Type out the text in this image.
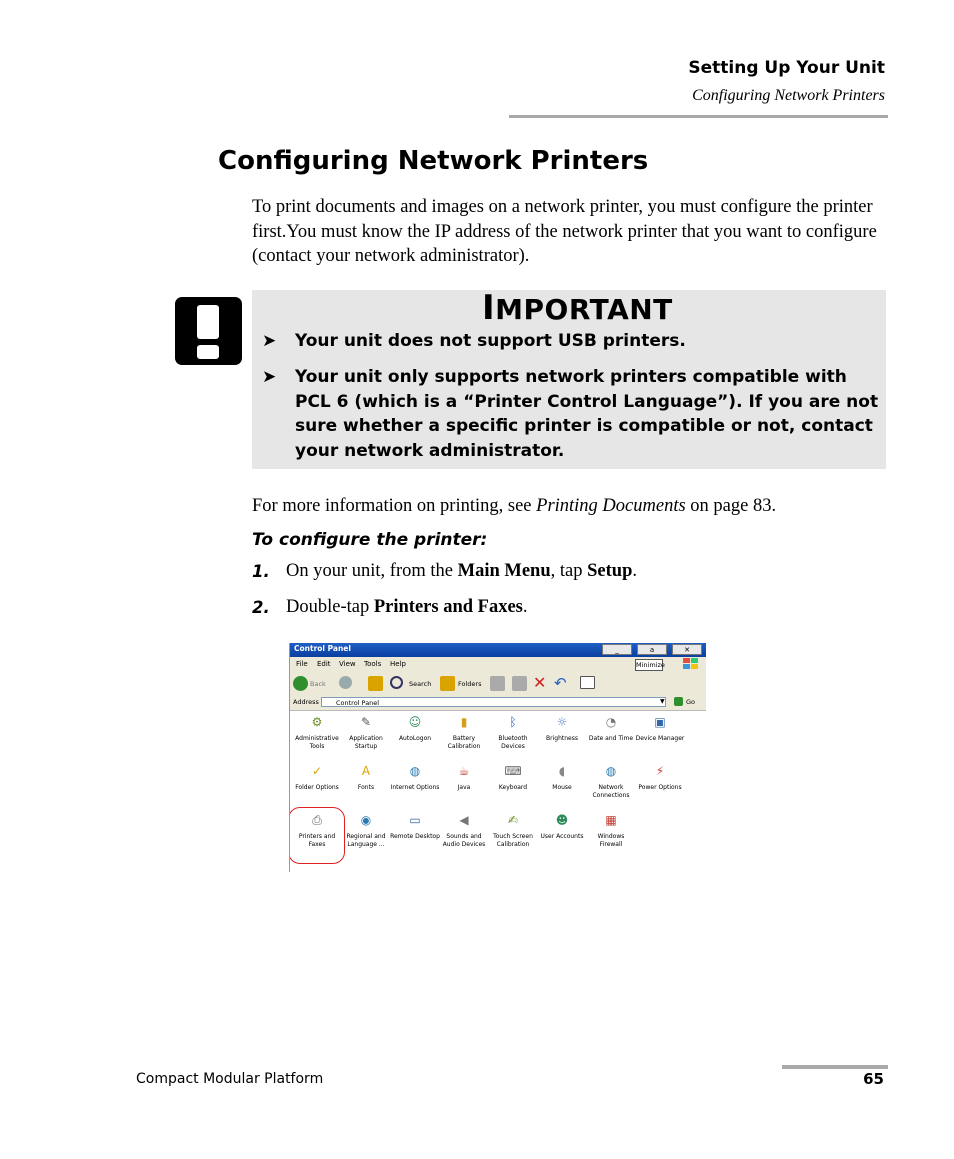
Setting Up Your Unit
Configuring Network Printers
Configuring Network Printers
To print documents and images on a network printer, you must configure the printer first.You must know the IP address of the network printer that you want to configure (contact your network administrator).
IMPORTANT
➤ Your unit does not support USB printers.
➤ Your unit only supports network printers compatible with PCL 6 (which is a “Printer Control Language”). If you are not sure whether a specific printer is compatible or not, contact your network administrator.
For more information on printing, see Printing Documents on page 83.
To configure the printer:
1. On your unit, from the Main Menu, tap Setup.
2. Double-tap Printers and Faxes.
Control Panel	_	a	✕
File Edit View Tools Help	Minimize
Back	Search	Folders	✕ ↶
Address	Control Panel	▼	Go
⚙
Administrative Tools
✎
Application Startup
☺
AutoLogon
▮
Battery Calibration
ᛒ
Bluetooth Devices
☼
Brightness
◔
Date and Time
▣
Device Manager
✓
Folder Options
A
Fonts
◍
Internet Options
☕
Java
⌨
Keyboard
◖
Mouse
◍
Network Connections
⚡
Power Options
⎙
Printers and Faxes
◉
Regional and Language ...
▭
Remote Desktop
◀
Sounds and Audio Devices
✍
Touch Screen Calibration
☻
User Accounts
▦
Windows Firewall
Compact Modular Platform	65
